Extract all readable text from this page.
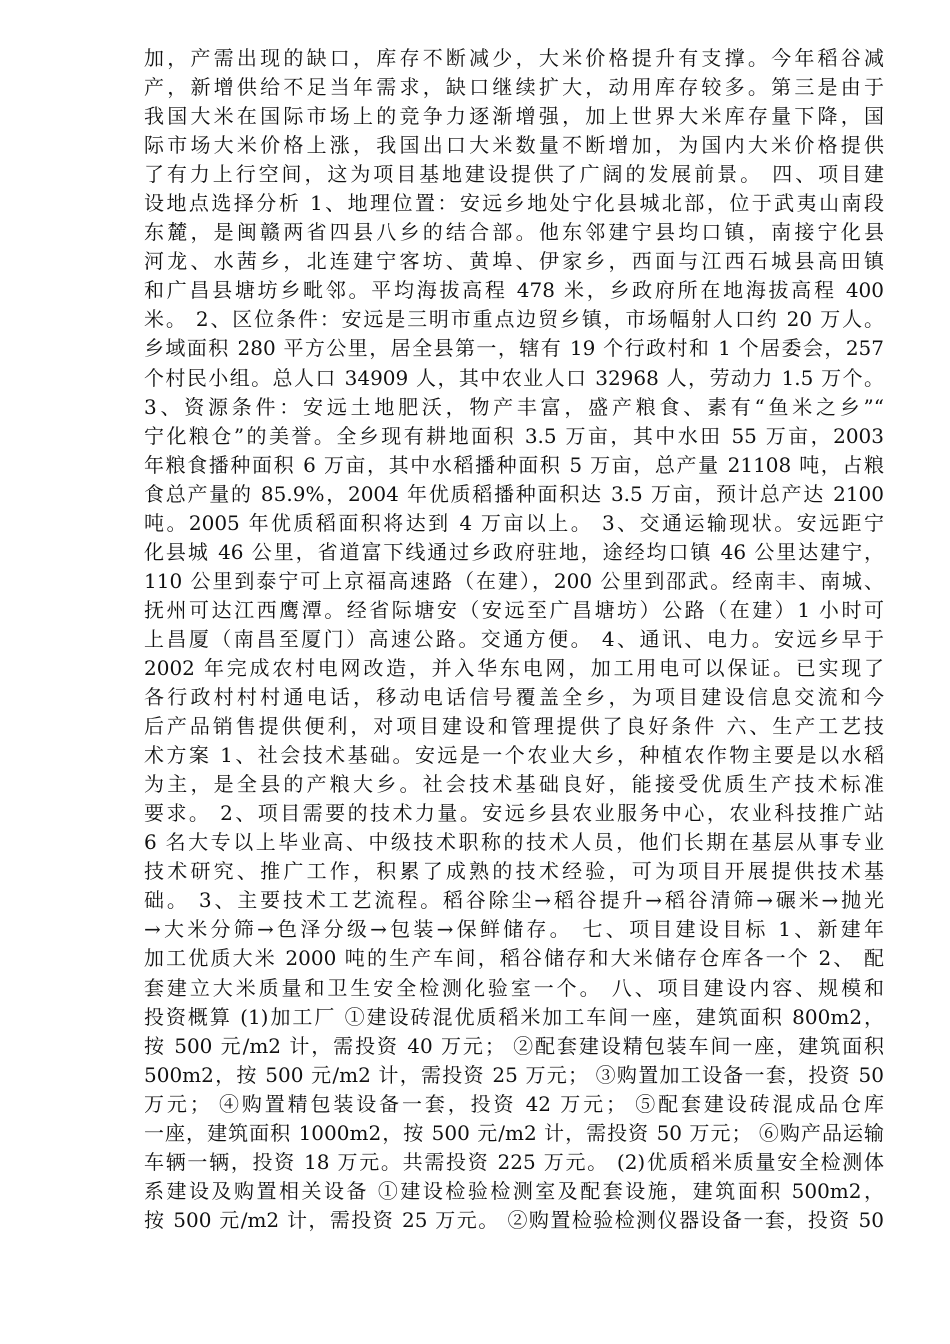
加，产需出现的缺口，库存不断减少，大米价格提升有支撑。今年稻谷减
产，新增供给不足当年需求，缺口继续扩大，动用库存较多。第三是由于
我国大米在国际市场上的竞争力逐渐增强，加上世界大米库存量下降，国
际市场大米价格上涨，我国出口大米数量不断增加，为国内大米价格提供
了有力上行空间，这为项目基地建设提供了广阔的发展前景。 四、项目建
设地点选择分析 1、地理位置：安远乡地处宁化县城北部，位于武夷山南段
东麓，是闽赣两省四县八乡的结合部。他东邻建宁县均口镇，南接宁化县
河龙、水茜乡，北连建宁客坊、黄埠、伊家乡，西面与江西石城县高田镇
和广昌县塘坊乡毗邻。平均海拔高程 478 米，乡政府所在地海拔高程 400
米。 2、区位条件：安远是三明市重点边贸乡镇，市场幅射人口约 20 万人。
乡域面积 280 平方公里，居全县第一，辖有 19 个行政村和 1 个居委会，257
个村民小组。总人口 34909 人，其中农业人口 32968 人，劳动力 1.5 万个。
3、资源条件：安远土地肥沃，物产丰富，盛产粮食、素有“鱼米之乡”“
宁化粮仓”的美誉。全乡现有耕地面积 3.5 万亩，其中水田 55 万亩，2003
年粮食播种面积 6 万亩，其中水稻播种面积 5 万亩，总产量 21108 吨，占粮
食总产量的 85.9%，2004 年优质稻播种面积达 3.5 万亩，预计总产达 2100
吨。2005 年优质稻面积将达到 4 万亩以上。 3、交通运输现状。安远距宁
化县城 46 公里，省道富下线通过乡政府驻地，途经均口镇 46 公里达建宁，
110 公里到泰宁可上京福高速路（在建），200 公里到邵武。经南丰、南城、
抚州可达江西鹰潭。经省际塘安（安远至广昌塘坊）公路（在建）1 小时可
上昌厦（南昌至厦门）高速公路。交通方便。 4、通讯、电力。安远乡早于
2002 年完成农村电网改造，并入华东电网，加工用电可以保证。已实现了
各行政村村村通电话，移动电话信号覆盖全乡，为项目建设信息交流和今
后产品销售提供便利，对项目建设和管理提供了良好条件 六、生产工艺技
术方案 1、社会技术基础。安远是一个农业大乡，种植农作物主要是以水稻
为主，是全县的产粮大乡。社会技术基础良好，能接受优质生产技术标准
要求。 2、项目需要的技术力量。安远乡县农业服务中心，农业科技推广站
6 名大专以上毕业高、中级技术职称的技术人员，他们长期在基层从事专业
技术研究、推广工作，积累了成熟的技术经验，可为项目开展提供技术基
础。 3、主要技术工艺流程。稻谷除尘→稻谷提升→稻谷清筛→碾米→抛光
→大米分筛→色泽分级→包装→保鲜储存。 七、项目建设目标 1、新建年
加工优质大米 2000 吨的生产车间，稻谷储存和大米储存仓库各一个 2、 配
套建立大米质量和卫生安全检测化验室一个。 八、项目建设内容、规模和
投资概算 (1)加工厂 ①建设砖混优质稻米加工车间一座，建筑面积 800m2，
按 500 元/m2 计，需投资 40 万元； ②配套建设精包装车间一座，建筑面积
500m2，按 500 元/m2 计，需投资 25 万元； ③购置加工设备一套，投资 50
万元； ④购置精包装设备一套，投资 42 万元； ⑤配套建设砖混成品仓库
一座，建筑面积 1000m2，按 500 元/m2 计，需投资 50 万元； ⑥购产品运输
车辆一辆，投资 18 万元。共需投资 225 万元。 (2)优质稻米质量安全检测体
系建设及购置相关设备 ①建设检验检测室及配套设施，建筑面积 500m2，
按 500 元/m2 计，需投资 25 万元。 ②购置检验检测仪器设备一套，投资 50
